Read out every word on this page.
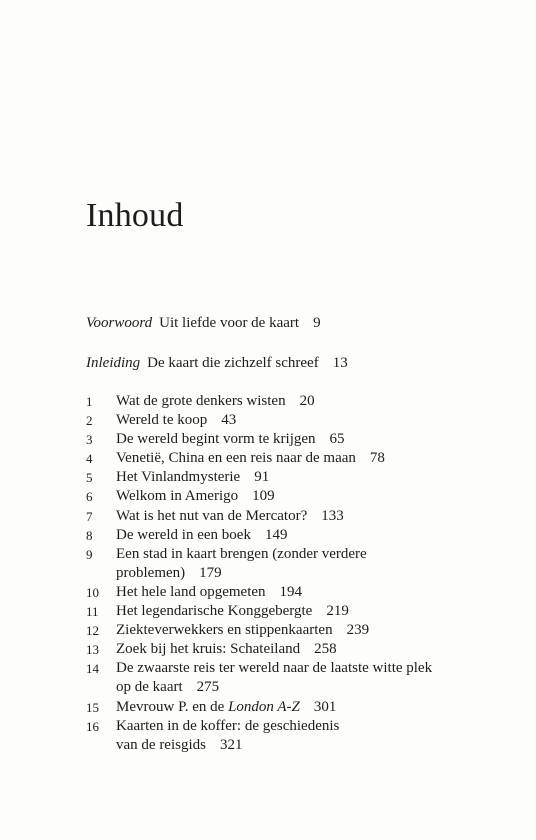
Inhoud
Voorwoord Uit liefde voor de kaart 9
Inleiding De kaart die zichzelf schreef 13
1 Wat de grote denkers wisten 20
2 Wereld te koop 43
3 De wereld begint vorm te krijgen 65
4 Venetië, China en een reis naar de maan 78
5 Het Vinlandmysterie 91
6 Welkom in Amerigo 109
7 Wat is het nut van de Mercator? 133
8 De wereld in een boek 149
9 Een stad in kaart brengen (zonder verdere
problemen) 179
10 Het hele land opgemeten 194
11 Het legendarische Konggebergte 219
12 Ziekteverwekkers en stippenkaarten 239
13 Zoek bij het kruis: Schateiland 258
14 De zwaarste reis ter wereld naar de laatste witte plek
op de kaart 275
15 Mevrouw P. en de London A-Z 301
16 Kaarten in de koffer: de geschiedenis
van de reisgids 321
